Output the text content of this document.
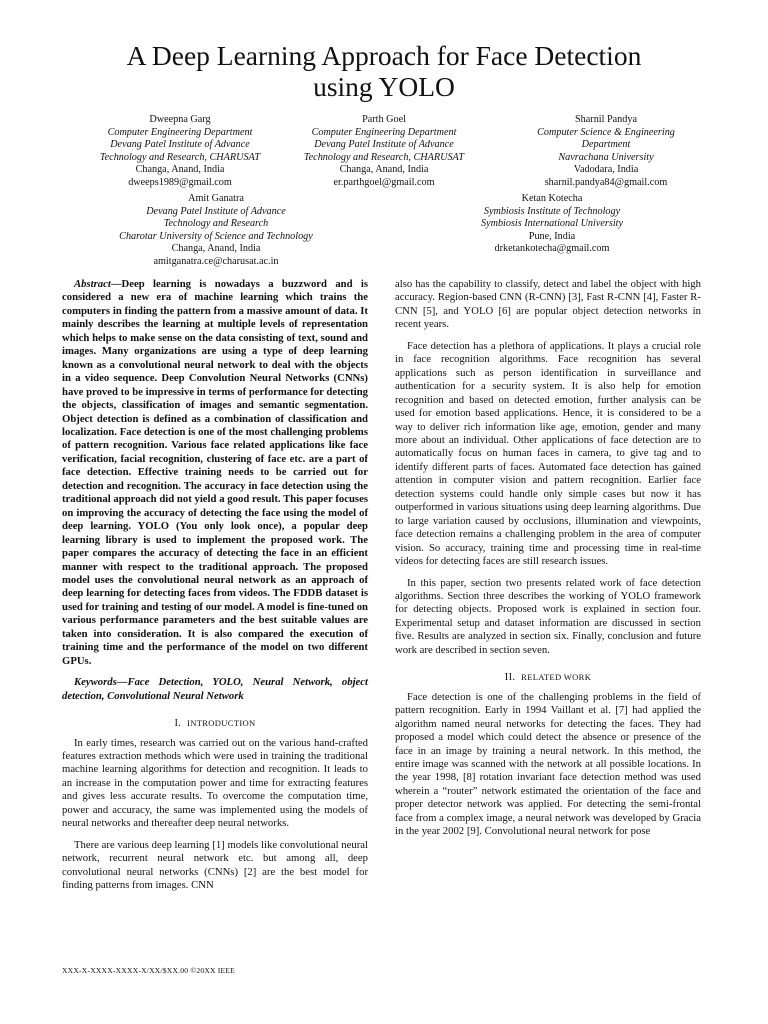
A Deep Learning Approach for Face Detection
using YOLO
Dweepna Garg
Computer Engineering Department
Devang Patel Institute of Advance
Technology and Research, CHARUSAT
Changa, Anand, India
dweeps1989@gmail.com
Parth Goel
Computer Engineering Department
Devang Patel Institute of Advance
Technology and Research, CHARUSAT
Changa, Anand, India
er.parthgoel@gmail.com
Sharnil Pandya
Computer Science & Engineering
Department
Navrachana University
Vadodara, India
sharnil.pandya84@gmail.com
Amit Ganatra
Devang Patel Institute of Advance
Technology and Research
Charotar University of Science and Technology
Changa, Anand, India
amitganatra.ce@charusat.ac.in
Ketan Kotecha
Symbiosis Institute of Technology
Symbiosis International University
Pune, India
drketankotecha@gmail.com

Abstract—Deep learning is nowadays a buzzword and is considered a new era of machine learning which trains the computers in finding the pattern from a massive amount of data. It mainly describes the learning at multiple levels of representation which helps to make sense on the data consisting of text, sound and images. Many organizations are using a type of deep learning known as a convolutional neural network to deal with the objects in a video sequence. Deep Convolution Neural Networks (CNNs) have proved to be impressive in terms of performance for detecting the objects, classification of images and semantic segmentation. Object detection is defined as a combination of classification and localization. Face detection is one of the most challenging problems of pattern recognition. Various face related applications like face verification, facial recognition, clustering of face etc. are a part of face detection. Effective training needs to be carried out for detection and recognition. The accuracy in face detection using the traditional approach did not yield a good result. This paper focuses on improving the accuracy of detecting the face using the model of deep learning. YOLO (You only look once), a popular deep learning library is used to implement the proposed work. The paper compares the accuracy of detecting the face in an efficient manner with respect to the traditional approach. The proposed model uses the convolutional neural network as an approach of deep learning for detecting faces from videos. The FDDB dataset is used for training and testing of our model. A model is fine-tuned on various performance parameters and the best suitable values are taken into consideration. It is also compared the execution of training time and the performance of the model on two different GPUs.

Keywords—Face Detection, YOLO, Neural Network, object detection, Convolutional Neural Network

I. INTRODUCTION

In early times, research was carried out on the various hand-crafted features extraction methods which were used in training the traditional machine learning algorithms for detection and recognition. It leads to an increase in the computation power and time for extracting features and gives less accurate results. To overcome the computation time, power and accuracy, the same was implemented using the models of neural networks and thereafter deep neural networks.

There are various deep learning [1] models like convolutional neural network, recurrent neural network etc. but among all, deep convolutional neural networks (CNNs) [2] are the best model for finding patterns from images. CNN

also has the capability to classify, detect and label the object with high accuracy. Region-based CNN (R-CNN) [3], Fast R-CNN [4], Faster R-CNN [5], and YOLO [6] are popular object detection networks in recent years.

Face detection has a plethora of applications. It plays a crucial role in face recognition algorithms. Face recognition has several applications such as person identification in surveillance and authentication for a security system. It is also help for emotion recognition and based on detected emotion, further analysis can be used for emotion based applications. Hence, it is considered to be a way to deliver rich information like age, emotion, gender and many more about an individual. Other applications of face detection are to automatically focus on human faces in camera, to give tag and to identify different parts of faces. Automated face detection has gained attention in computer vision and pattern recognition. Earlier face detection systems could handle only simple cases but now it has outperformed in various situations using deep learning algorithms. Due to large variation caused by occlusions, illumination and viewpoints, face detection remains a challenging problem in the area of computer vision. So accuracy, training time and processing time in real-time videos for detecting faces are still research issues.

In this paper, section two presents related work of face detection algorithms. Section three describes the working of YOLO framework for detecting objects. Proposed work is explained in section four. Experimental setup and dataset information are discussed in section five. Results are analyzed in section six. Finally, conclusion and future work are described in section seven.

II. RELATED WORK

Face detection is one of the challenging problems in the field of pattern recognition. Early in 1994 Vaillant et al. [7] had applied the algorithm named neural networks for detecting the faces. They had proposed a model which could detect the absence or presence of the face in an image by training a neural network. In this method, the entire image was scanned with the network at all possible locations. In the year 1998, [8] rotation invariant face detection method was used wherein a “router” network estimated the orientation of the face and proper detector network was applied. For detecting the semi-frontal face from a complex image, a neural network was developed by Gracia in the year 2002 [9]. Convolutional neural network for pose

XXX-X-XXXX-XXXX-X/XX/$XX.00 ©20XX IEEE
